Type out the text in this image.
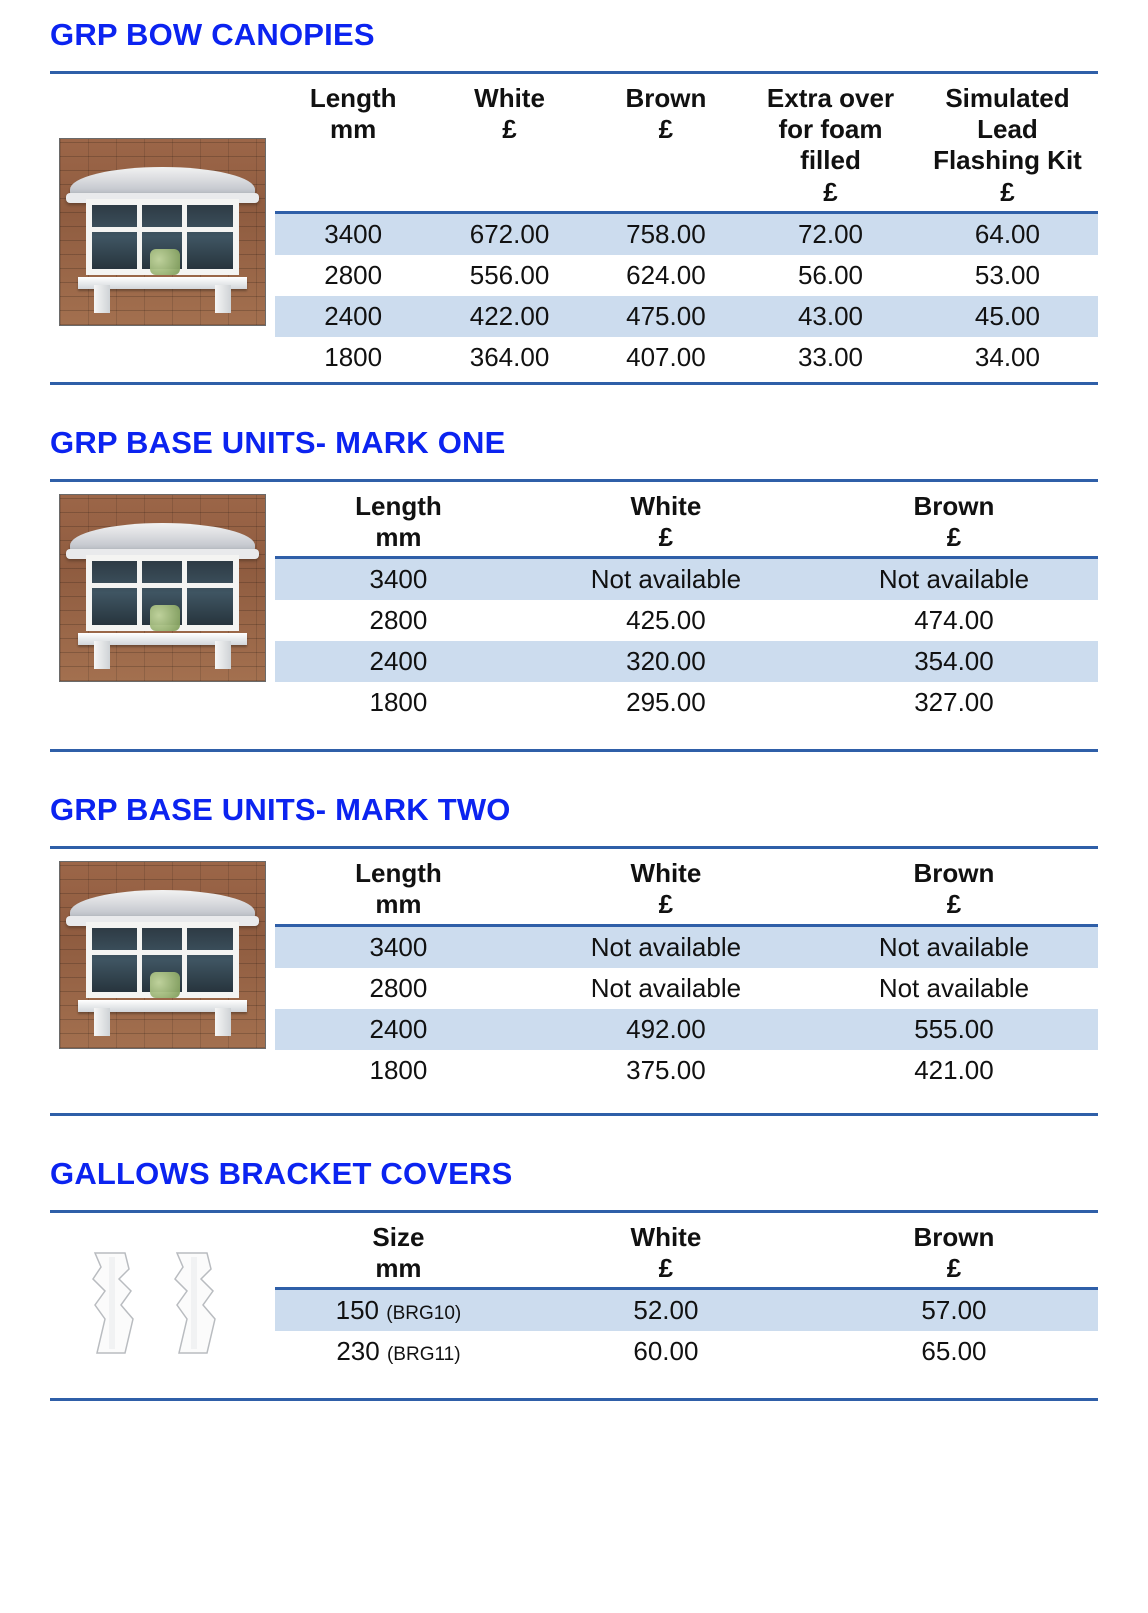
GRP BOW CANOPIES
Length
mm

White
£

Brown
£

Extra over
for foam
filled
£

Simulated
Lead
Flashing Kit
£

3400	672.00	758.00	72.00	64.00
2800	556.00	624.00	56.00	53.00
2400	422.00	475.00	43.00	45.00
1800	364.00	407.00	33.00	34.00
GRP BASE UNITS- MARK ONE
Length
mm

White
£

Brown
£

3400	Not available	Not available
2800	425.00	474.00
2400	320.00	354.00
1800	295.00	327.00
GRP BASE UNITS- MARK TWO
Length
mm

White
£

Brown
£

3400	Not available	Not available
2800	Not available	Not available
2400	492.00	555.00
1800	375.00	421.00
GALLOWS BRACKET COVERS
Size
mm

White
£

Brown
£

150 (BRG10)	52.00	57.00
230 (BRG11)	60.00	65.00
